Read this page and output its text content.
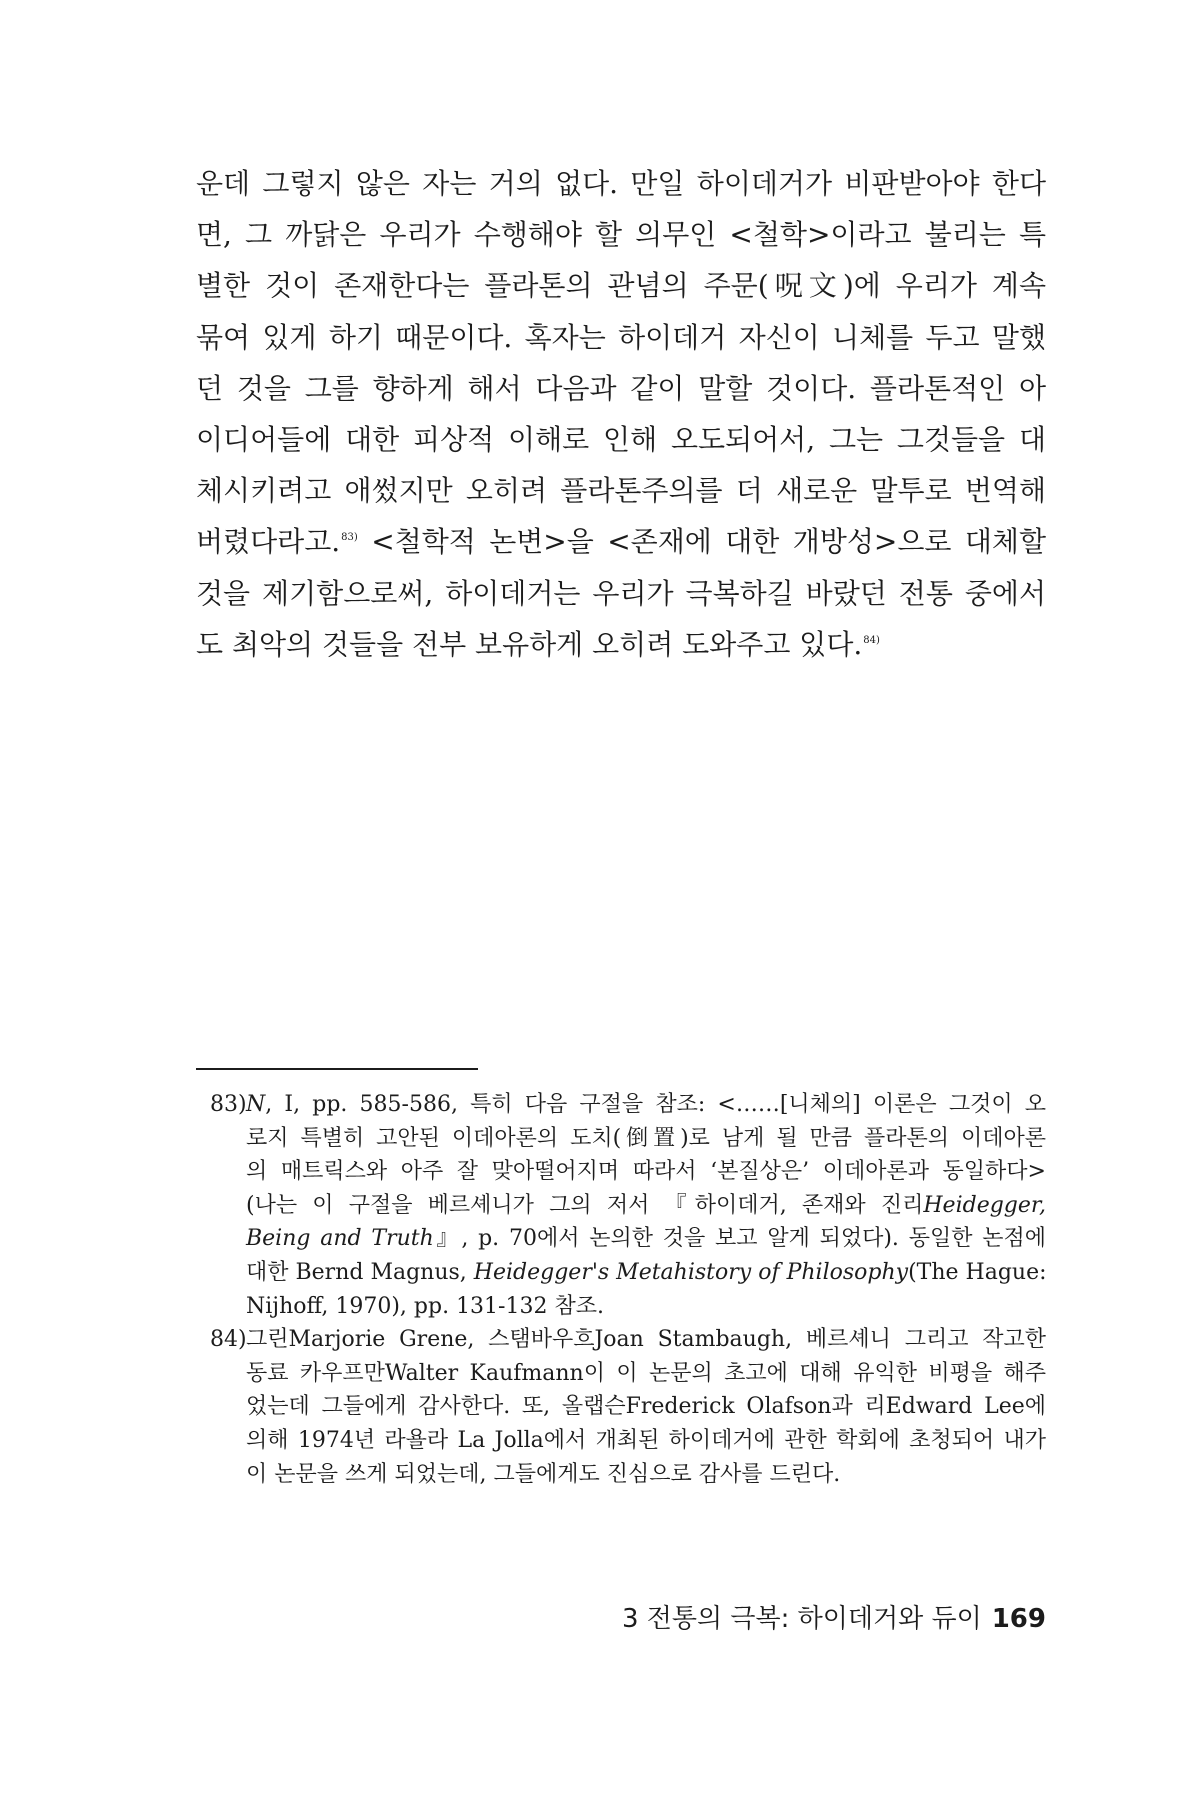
운데 그렇지 않은 자는 거의 없다. 만일 하이데거가 비판받아야 한다
면, 그 까닭은 우리가 수행해야 할 의무인 <철학>이라고 불리는 특
별한 것이 존재한다는 플라톤의 관념의 주문(呪文)에 우리가 계속
묶여 있게 하기 때문이다. 혹자는 하이데거 자신이 니체를 두고 말했
던 것을 그를 향하게 해서 다음과 같이 말할 것이다. 플라톤적인 아
이디어들에 대한 피상적 이해로 인해 오도되어서, 그는 그것들을 대
체시키려고 애썼지만 오히려 플라톤주의를 더 새로운 말투로 번역해
버렸다라고.$^{83)}$ <철학적 논변>을 <존재에 대한 개방성>으로 대체할
것을 제기함으로써, 하이데거는 우리가 극복하길 바랐던 전통 중에서
도 최악의 것들을 전부 보유하게 오히려 도와주고 있다.$^{84)}$
83)N, I, pp. 585-586, 특히 다음 구절을 참조: <……[니체의] 이론은 그것이 오
로지 특별히 고안된 이데아론의 도치(倒置)로 남게 될 만큼 플라톤의 이데아론
의 매트릭스와 아주 잘 맞아떨어지며 따라서 ‘본질상은’ 이데아론과 동일하다>
(나는 이 구절을 베르셰니가 그의 저서 『하이데거, 존재와 진리Heidegger,
Being and Truth』, p. 70에서 논의한 것을 보고 알게 되었다). 동일한 논점에
대한 Bernd Magnus, Heidegger's Metahistory of Philosophy(The Hague:
Nijhoff, 1970), pp. 131-132 참조.
84)그린Marjorie Grene, 스탬바우흐Joan Stambaugh, 베르셰니 그리고 작고한
동료 카우프만Walter Kaufmann이 이 논문의 초고에 대해 유익한 비평을 해주
었는데 그들에게 감사한다. 또, 올랩슨Frederick Olafson과 리Edward Lee에
의해 1974년 라욜라 La Jolla에서 개최된 하이데거에 관한 학회에 초청되어 내가
이 논문을 쓰게 되었는데, 그들에게도 진심으로 감사를 드린다.
3 전통의 극복: 하이데거와 듀이 169
